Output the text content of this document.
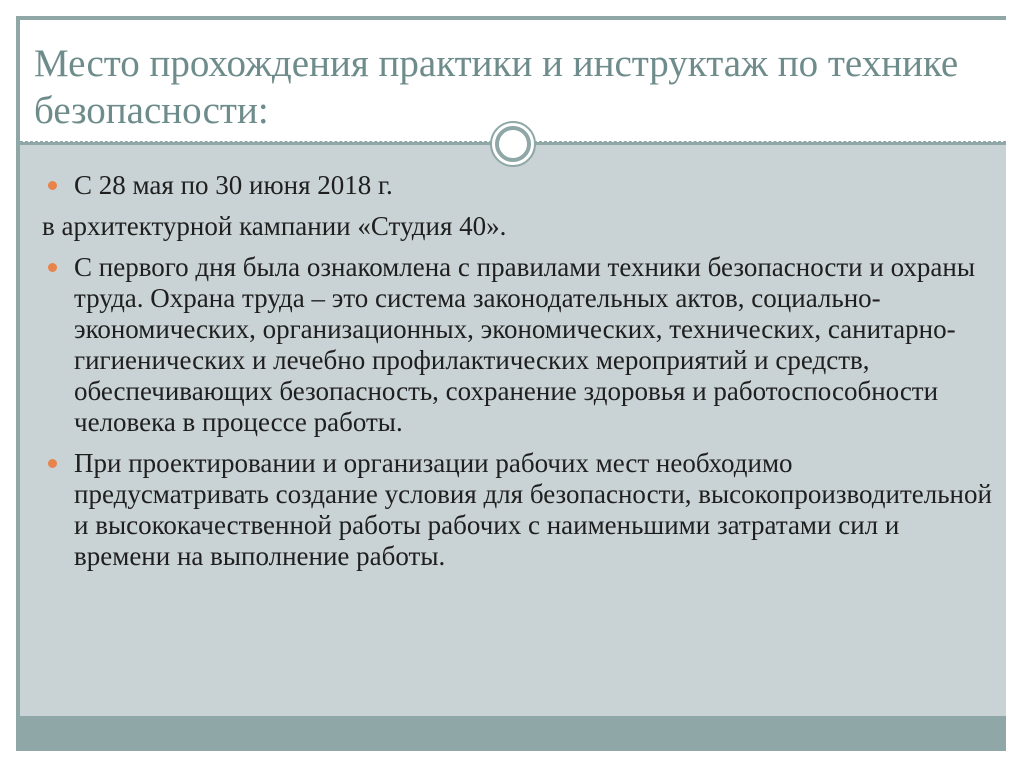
Место прохождения практики и инструктаж по технике безопасности:
С 28 мая по 30 июня 2018 г.
в архитектурной кампании «Студия 40».
С первого дня была ознакомлена с правилами техники безопасности и охраны труда. Охрана труда – это система законодательных актов, социально-экономических, организационных, экономических, технических, санитарно-гигиенических и лечебно профилактических мероприятий и средств, обеспечивающих безопасность, сохранение здоровья и работоспособности человека в процессе работы.
При проектировании и организации рабочих мест необходимо предусматривать создание условия для безопасности, высокопроизводительной и высококачественной работы рабочих с наименьшими затратами сил и времени на выполнение работы.
